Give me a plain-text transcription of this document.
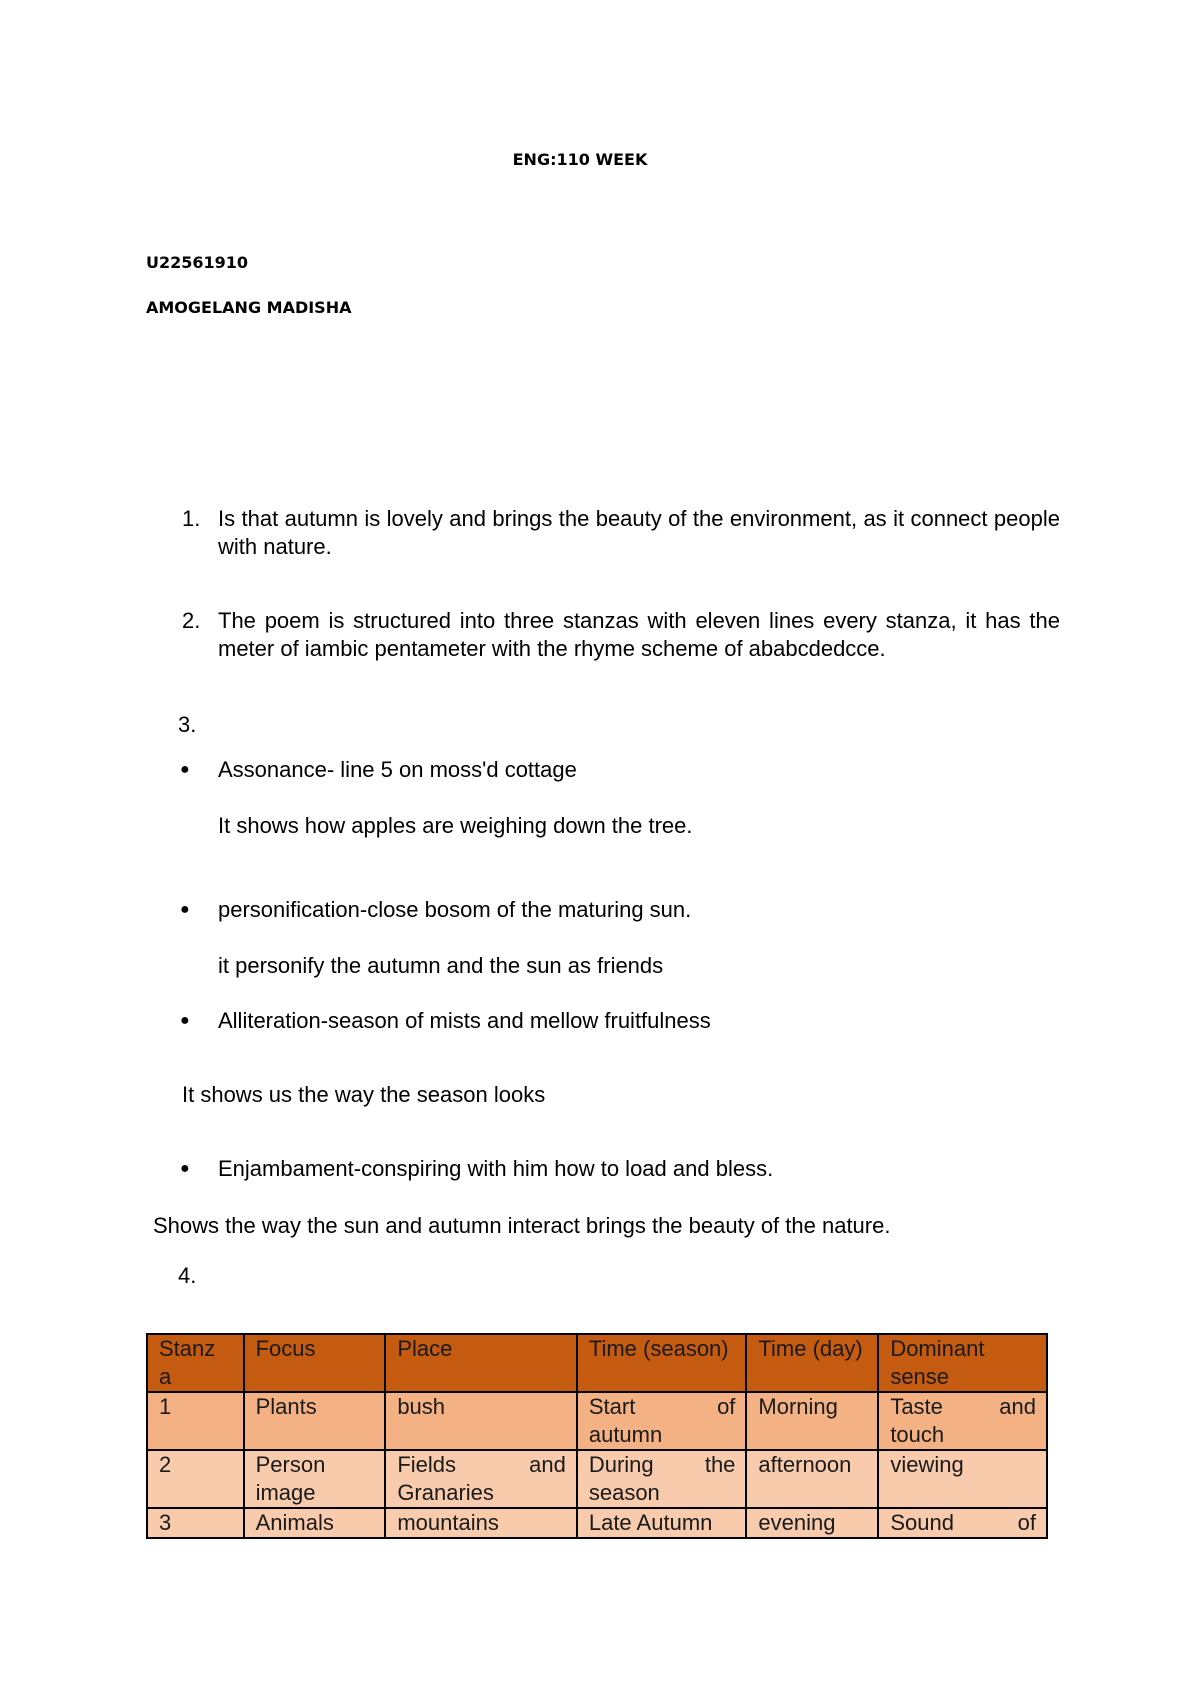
ENG:110 WEEK
U22561910
AMOGELANG MADISHA
1. Is that autumn is lovely and brings the beauty of the environment, as it connect people with nature.
2. The poem is structured into three stanzas with eleven lines every stanza, it has the meter of iambic pentameter with the rhyme scheme of ababcdedcce.
3.
● Assonance- line 5 on moss'd cottage
It shows how apples are weighing down the tree.
● personification-close bosom of the maturing sun.
it personify the autumn and the sun as friends
● Alliteration-season of mists and mellow fruitfulness
It shows us the way the season looks
● Enjambament-conspiring with him how to load and bless.
Shows the way the sun and autumn interact brings the beauty of the nature.
4.
Stanz a	Focus	Place	Time (season)	Time (day)	Dominant sense
1	Plants	bush	Start of autumn	Morning	Taste and touch
2	Person image	Fields and Granaries	During the season	afternoon	viewing
3	Animals	mountains	Late Autumn	evening	Sound of
